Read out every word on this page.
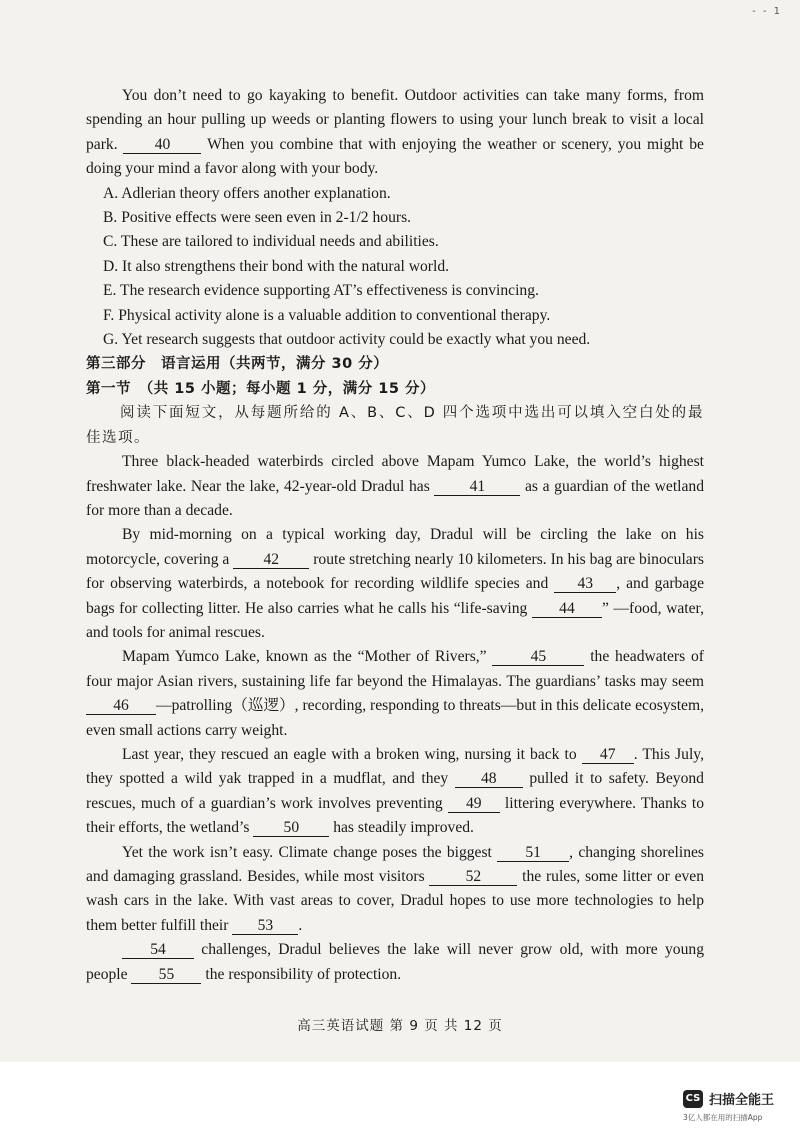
- - 1

You don’t need to go kayaking to benefit. Outdoor activities can take many forms, from spending an hour pulling up weeds or planting flowers to using your lunch break to visit a local park. 40 When you combine that with enjoying the weather or scenery, you might be doing your mind a favor along with your body.

A. Adlerian theory offers another explanation.

B. Positive effects were seen even in 2-1/2 hours.

C. These are tailored to individual needs and abilities.

D. It also strengthens their bond with the natural world.

E. The research evidence supporting AT’s effectiveness is convincing.

F. Physical activity alone is a valuable addition to conventional therapy.

G. Yet research suggests that outdoor activity could be exactly what you need.

第三部分　语言运用（共两节，满分 30 分）

第一节　（共 15 小题；每小题 1 分，满分 15 分）

阅读下面短文，从每题所给的 A、B、C、D 四个选项中选出可以填入空白处的最佳选项。

Three black-headed waterbirds circled above Mapam Yumco Lake, the world’s highest freshwater lake. Near the lake, 42-year-old Dradul has 41 as a guardian of the wetland for more than a decade.

By mid-morning on a typical working day, Dradul will be circling the lake on his motorcycle, covering a 42 route stretching nearly 10 kilometers. In his bag are binoculars for observing waterbirds, a notebook for recording wildlife species and 43 , and garbage bags for collecting litter. He also carries what he calls his “life-saving 44 ” —food, water, and tools for animal rescues.

Mapam Yumco Lake, known as the “Mother of Rivers,” 45 the headwaters of four major Asian rivers, sustaining life far beyond the Himalayas. The guardians’ tasks may seem 46 —patrolling（巡逻）, recording, responding to threats—but in this delicate ecosystem, even small actions carry weight.

Last year, they rescued an eagle with a broken wing, nursing it back to 47 . This July, they spotted a wild yak trapped in a mudflat, and they 48 pulled it to safety. Beyond rescues, much of a guardian’s work involves preventing 49 littering everywhere. Thanks to their efforts, the wetland’s 50 has steadily improved.

Yet the work isn’t easy. Climate change poses the biggest 51 , changing shorelines and damaging grassland. Besides, while most visitors 52 the rules, some litter or even wash cars in the lake. With vast areas to cover, Dradul hopes to use more technologies to help them better fulfill their 53 .

54 challenges, Dradul believes the lake will never grow old, with more young people 55 the responsibility of protection.

高三英语试题 第 9 页 共 12 页
CS 扫描全能王
3亿人都在用的扫描App
